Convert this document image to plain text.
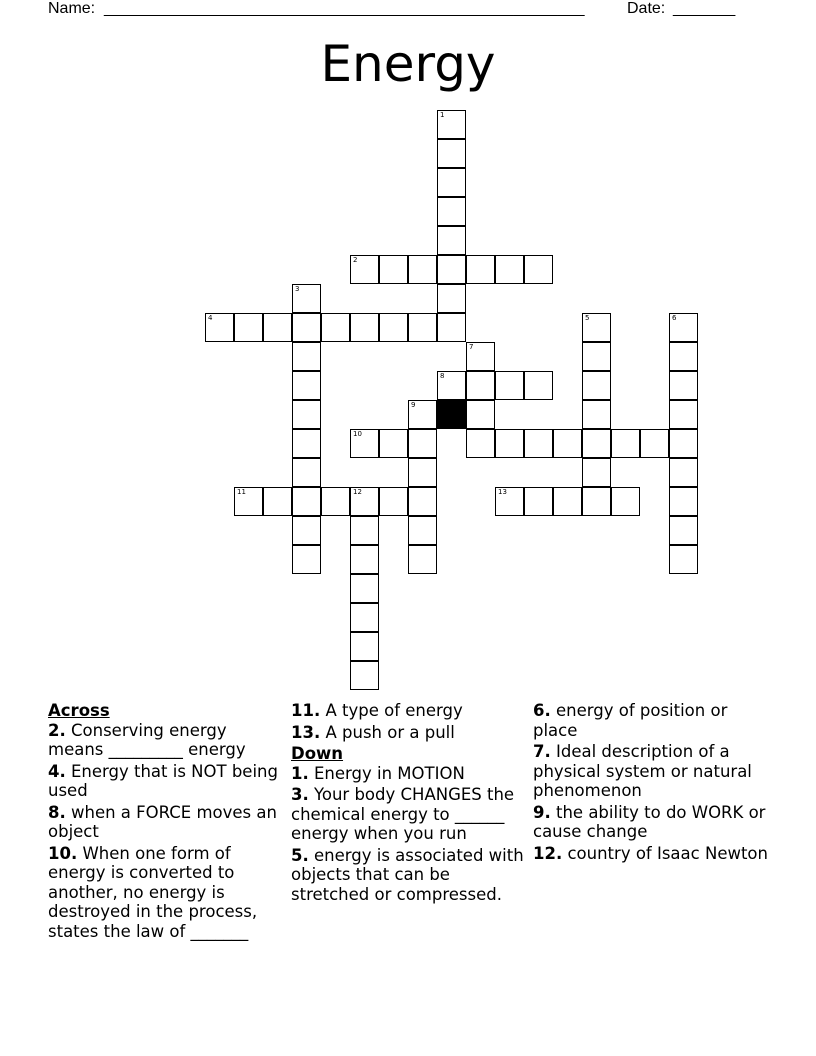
Name: ______________________________________________________	Date: _______
Energy
1
2
3
4	5	6
7
8
9
10
11	12	13
Across
2. Conserving energy means _________ energy
4. Energy that is NOT being used
8. when a FORCE moves an object
10. When one form of energy is converted to another, no energy is destroyed in the process, states the law of _______
11. A type of energy
13. A push or a pull
Down
1. Energy in MOTION
3. Your body CHANGES the chemical energy to ______ energy when you run
5. energy is associated with objects that can be stretched or compressed.
6. energy of position or place
7. Ideal description of a physical system or natural phenomenon
9. the ability to do WORK or cause change
12. country of Isaac Newton
